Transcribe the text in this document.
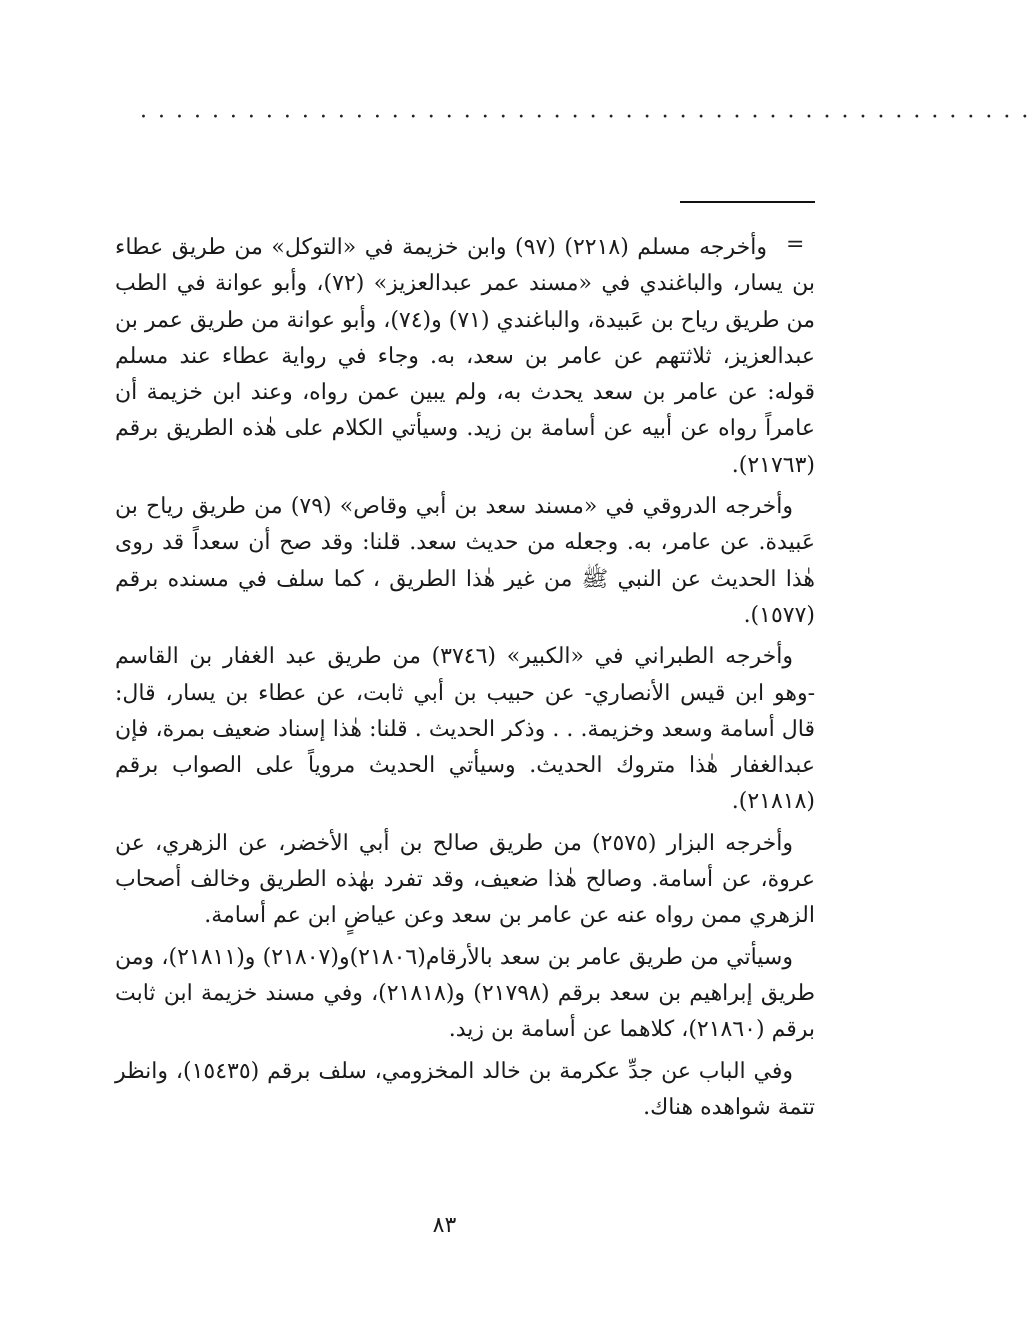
· · · · · · · · · · · · · · · · · · · · · · · · · · · · · · · · · · · · · · · · · · · · · · · · · ·
=

وأخرجه مسلم (٢٢١٨) (٩٧) وابن خزيمة في «التوكل» من طريق عطاء بن يسار، والباغندي في «مسند عمر عبدالعزيز» (٧٢)، وأبو عوانة في الطب من طريق رياح بن عَبيدة، والباغندي (٧١) و(٧٤)، وأبو عوانة من طريق عمر بن عبدالعزيز، ثلاثتهم عن عامر بن سعد، به. وجاء في رواية عطاء عند مسلم قوله: عن عامر بن سعد يحدث به، ولم يبين عمن رواه، وعند ابن خزيمة أن عامراً رواه عن أبيه عن أسامة بن زيد. وسيأتي الكلام على هٰذه الطريق برقم (٢١٧٦٣).

وأخرجه الدروقي في «مسند سعد بن أبي وقاص» (٧٩) من طريق رياح بن عَبيدة. عن عامر، به. وجعله من حديث سعد. قلنا: وقد صح أن سعداً قد روى هٰذا الحديث عن النبي ﷺ من غير هٰذا الطريق ، كما سلف في مسنده برقم (١٥٧٧).

وأخرجه الطبراني في «الكبير» (٣٧٤٦) من طريق عبد الغفار بن القاسم -وهو ابن قيس الأنصاري- عن حبيب بن أبي ثابت، عن عطاء بن يسار، قال: قال أسامة وسعد وخزيمة. . . وذكر الحديث . قلنا: هٰذا إسناد ضعيف بمرة، فإن عبدالغفار هٰذا متروك الحديث. وسيأتي الحديث مروياً على الصواب برقم (٢١٨١٨).

وأخرجه البزار (٢٥٧٥) من طريق صالح بن أبي الأخضر، عن الزهري، عن عروة، عن أسامة. وصالح هٰذا ضعيف، وقد تفرد بهٰذه الطريق وخالف أصحاب الزهري ممن رواه عنه عن عامر بن سعد وعن عياضٍ ابن عم أسامة.

وسيأتي من طريق عامر بن سعد بالأرقام(٢١٨٠٦)و(٢١٨٠٧) و(٢١٨١١)، ومن طريق إبراهيم بن سعد برقم (٢١٧٩٨) و(٢١٨١٨)، وفي مسند خزيمة ابن ثابت برقم (٢١٨٦٠)، كلاهما عن أسامة بن زيد.

وفي الباب عن جدِّ عكرمة بن خالد المخزومي، سلف برقم (١٥٤٣٥)، وانظر تتمة شواهده هناك.

٨٣
